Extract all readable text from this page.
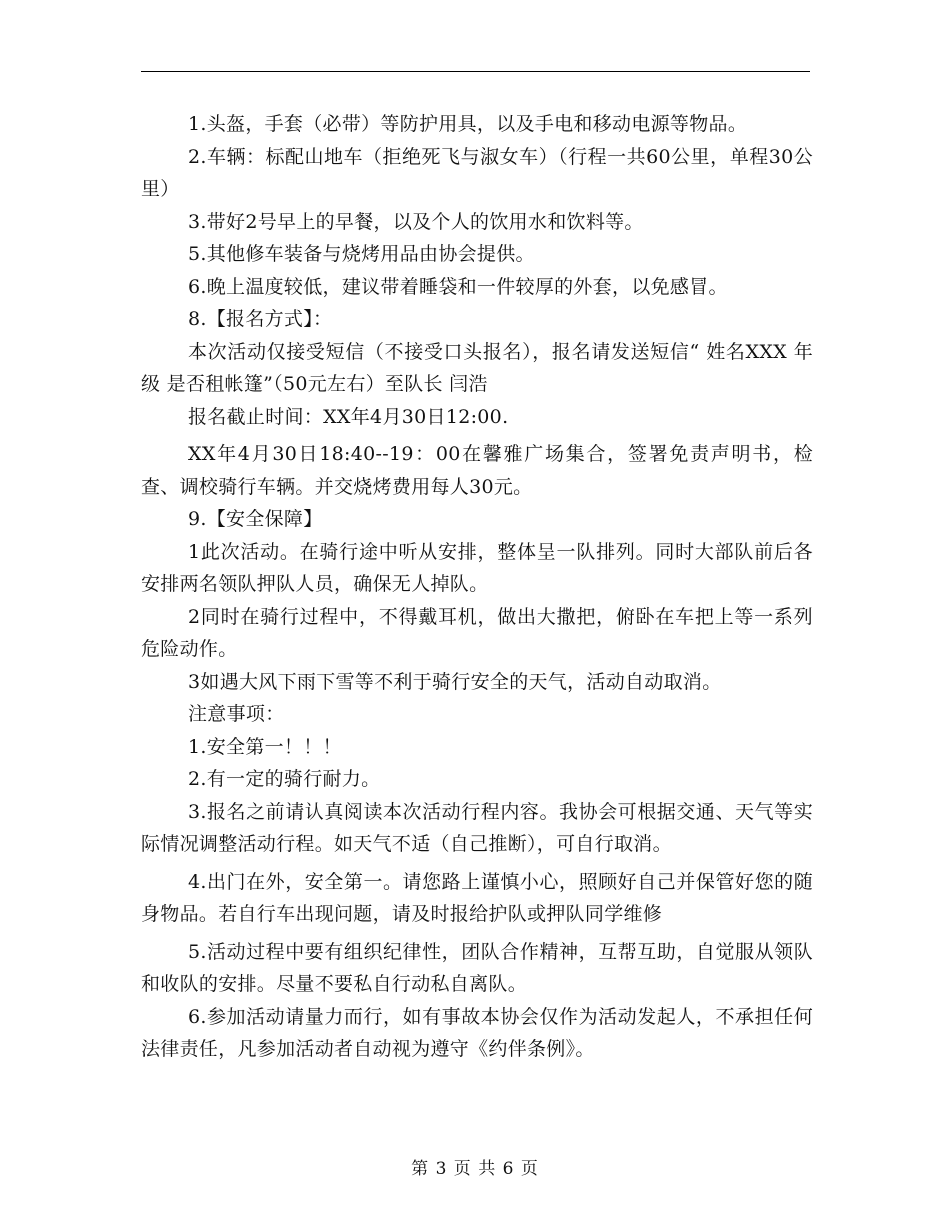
1.头盔，手套（必带）等防护用具，以及手电和移动电源等物品。

2.车辆：标配山地车（拒绝死飞与淑女车）（行程一共60公里，单程30公里）

3.带好2号早上的早餐，以及个人的饮用水和饮料等。

5.其他修车装备与烧烤用品由协会提供。

6.晚上温度较低，建议带着睡袋和一件较厚的外套，以免感冒。

8.【报名方式】：

本次活动仅接受短信（不接受口头报名），报名请发送短信“ 姓名XXX 年级 是否租帐篷”（50元左右）至队长 闫浩

报名截止时间：XX年4月30日12:00.

XX年4月30日18:40--19：00在馨雅广场集合，签署免责声明书，检查、调校骑行车辆。并交烧烤费用每人30元。

9.【安全保障】

1此次活动。在骑行途中听从安排，整体呈一队排列。同时大部队前后各安排两名领队押队人员，确保无人掉队。

2同时在骑行过程中，不得戴耳机，做出大撒把，俯卧在车把上等一系列危险动作。

3如遇大风下雨下雪等不利于骑行安全的天气，活动自动取消。

注意事项：

1.安全第一！！！

2.有一定的骑行耐力。

3.报名之前请认真阅读本次活动行程内容。我协会可根据交通、天气等实际情况调整活动行程。如天气不适（自己推断），可自行取消。

4.出门在外，安全第一。请您路上谨慎小心，照顾好自己并保管好您的随身物品。若自行车出现问题，请及时报给护队或押队同学维修

5.活动过程中要有组织纪律性，团队合作精神，互帮互助，自觉服从领队和收队的安排。尽量不要私自行动私自离队。

6.参加活动请量力而行，如有事故本协会仅作为活动发起人，不承担任何法律责任，凡参加活动者自动视为遵守《约伴条例》。

第 3 页 共 6 页
